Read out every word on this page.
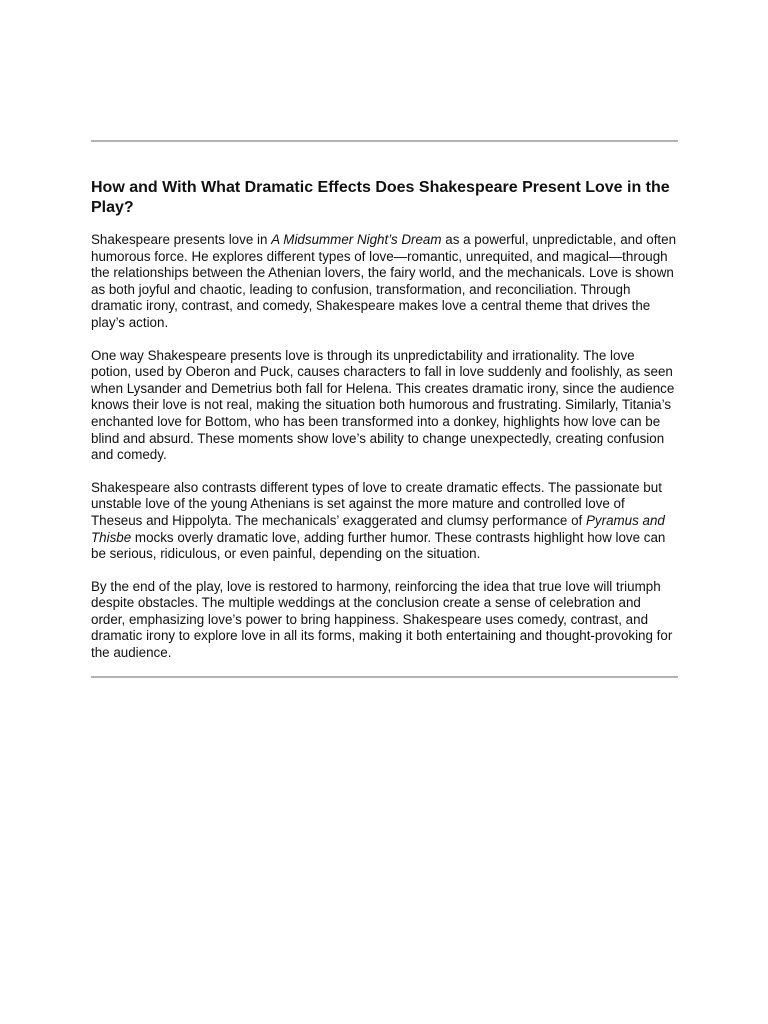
How and With What Dramatic Effects Does Shakespeare Present Love in the Play?

Shakespeare presents love in A Midsummer Night’s Dream as a powerful, unpredictable, and often humorous force. He explores different types of love—romantic, unrequited, and magical—through the relationships between the Athenian lovers, the fairy world, and the mechanicals. Love is shown as both joyful and chaotic, leading to confusion, transformation, and reconciliation. Through dramatic irony, contrast, and comedy, Shakespeare makes love a central theme that drives the play’s action.

One way Shakespeare presents love is through its unpredictability and irrationality. The love potion, used by Oberon and Puck, causes characters to fall in love suddenly and foolishly, as seen when Lysander and Demetrius both fall for Helena. This creates dramatic irony, since the audience knows their love is not real, making the situation both humorous and frustrating. Similarly, Titania’s enchanted love for Bottom, who has been transformed into a donkey, highlights how love can be blind and absurd. These moments show love’s ability to change unexpectedly, creating confusion and comedy.

Shakespeare also contrasts different types of love to create dramatic effects. The passionate but unstable love of the young Athenians is set against the more mature and controlled love of Theseus and Hippolyta. The mechanicals’ exaggerated and clumsy performance of Pyramus and Thisbe mocks overly dramatic love, adding further humor. These contrasts highlight how love can be serious, ridiculous, or even painful, depending on the situation.

By the end of the play, love is restored to harmony, reinforcing the idea that true love will triumph despite obstacles. The multiple weddings at the conclusion create a sense of celebration and order, emphasizing love’s power to bring happiness. Shakespeare uses comedy, contrast, and dramatic irony to explore love in all its forms, making it both entertaining and thought-provoking for the audience.
